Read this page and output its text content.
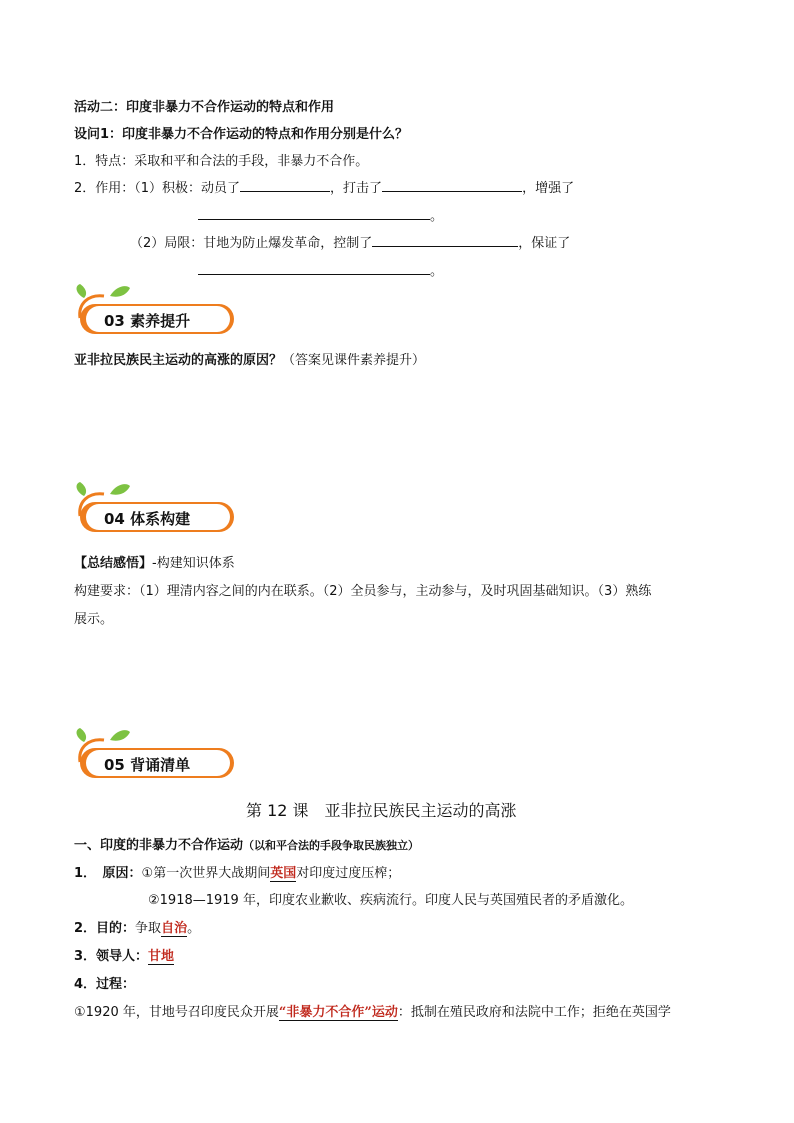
活动二：印度非暴力不合作运动的特点和作用
设问1：印度非暴力不合作运动的特点和作用分别是什么？
1．特点：采取和平和合法的手段，非暴力不合作。
2．作用：（1）积极：动员了	，打击了	，增强了
。
（2）局限：甘地为防止爆发革命，控制了	，保证了
。
03 素养提升
亚非拉民族民主运动的高涨的原因？（答案见课件素养提升）
04 体系构建
【总结感悟】-构建知识体系
构建要求：（1）理清内容之间的内在联系。（2）全员参与，主动参与，及时巩固基础知识。（3）熟练
展示。
05 背诵清单
第 12 课　亚非拉民族民主运动的高涨
一、印度的非暴力不合作运动（以和平合法的手段争取民族独立）
1．　原因：①第一次世界大战期间英国对印度过度压榨；
②1918—1919 年，印度农业歉收、疾病流行。印度人民与英国殖民者的矛盾激化。
2．目的：争取自治。
3．领导人：甘地
4．过程：
①1920 年，甘地号召印度民众开展“非暴力不合作”运动：抵制在殖民政府和法院中工作；拒绝在英国学
